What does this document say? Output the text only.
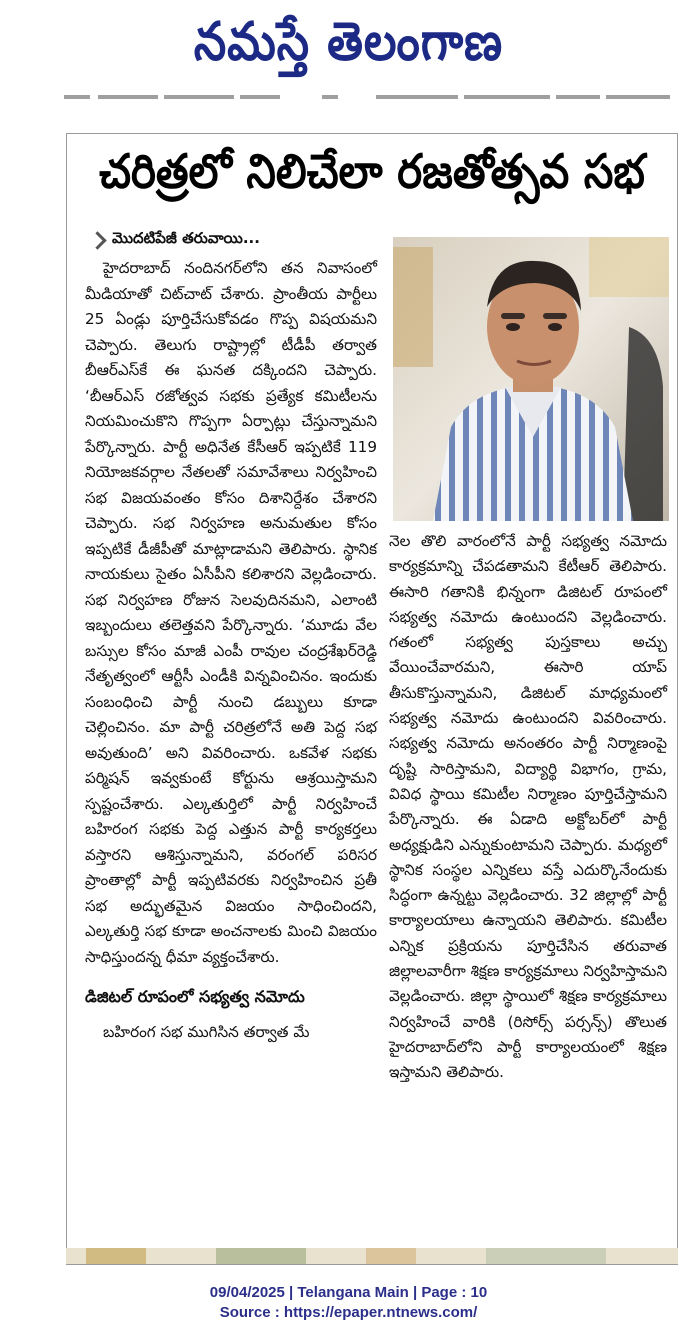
నమస్తే తెలంగాణ
చరిత్రలో నిలిచేలా రజతోత్సవ సభ
మొదటిపేజీ తరువాయి...

హైదరాబాద్ నందినగర్‌లోని తన నివాసంలో మీడియాతో చిట్‌చాట్ చేశారు. ప్రాంతీయ పార్టీలు 25 ఏండ్లు పూర్తిచేసుకోవడం గొప్ప విషయమని చెప్పారు. తెలుగు రాష్ట్రాల్లో టీడీపీ తర్వాత బీఆర్‌ఎస్‌కే ఈ ఘనత దక్కిందని చెప్పారు. ‘బీఆర్‌ఎస్ రజోత్వవ సభకు ప్రత్యేక కమిటీలను నియమించుకొని గొప్పగా ఏర్పాట్లు చేస్తున్నామని పేర్కొన్నారు. పార్టీ అధినేత కేసీఆర్ ఇప్పటికే 119 నియోజకవర్గాల నేతలతో సమావేశాలు నిర్వహించి సభ విజయవంతం కోసం దిశానిర్దేశం చేశారని చెప్పారు. సభ నిర్వహణ అనుమతుల కోసం ఇప్పటికే డీజీపీతో మాట్లాడామని తెలిపారు. స్థానిక నాయకులు సైతం ఏసీపీని కలిశారని వెల్లడించారు. సభ నిర్వహణ రోజున సెలవుదినమని, ఎలాంటి ఇబ్బందులు తలెత్తవని పేర్కొన్నారు. ‘మూడు వేల బస్సుల కోసం మాజీ ఎంపీ రావుల చంద్రశేఖర్‌రెడ్డి నేతృత్వంలో ఆర్టీసీ ఎండీకి విన్నవించినం. ఇందుకు సంబంధించి పార్టీ నుంచి డబ్బులు కూడా చెల్లించినం. మా పార్టీ చరిత్రలోనే అతి పెద్ద సభ అవుతుంది’ అని వివరించారు. ఒకవేళ సభకు పర్మిషన్ ఇవ్వకుంటే కోర్టును ఆశ్రయిస్తామని స్పష్టంచేశారు. ఎల్కతుర్తిలో పార్టీ నిర్వహించే బహిరంగ సభకు పెద్ద ఎత్తున పార్టీ కార్యకర్తలు వస్తారని ఆశిస్తున్నామని, వరంగల్ పరిసర ప్రాంతాల్లో పార్టీ ఇప్పటివరకు నిర్వహించిన ప్రతీ సభ అద్భుతమైన విజయం సాధించిందని, ఎల్కతుర్తి సభ కూడా అంచనాలకు మించి విజయం సాధిస్తుందన్న ధీమా వ్యక్తంచేశారు.

డిజిటల్ రూపంలో సభ్యత్వ నమోదు

బహిరంగ సభ ముగిసిన తర్వాత మే

నెల తొలి వారంలోనే పార్టీ సభ్యత్వ నమోదు కార్యక్రమాన్ని చేపడతామని కేటీఆర్ తెలిపారు. ఈసారి గతానికి భిన్నంగా డిజిటల్ రూపంలో సభ్యత్వ నమోదు ఉంటుందని వెల్లడించారు. గతంలో సభ్యత్వ పుస్తకాలు అచ్చు వేయించేవారమని, ఈసారి యాప్ తీసుకొస్తున్నామని, డిజిటల్ మాధ్యమంలో సభ్యత్వ నమోదు ఉంటుందని వివరించారు. సభ్యత్వ నమోదు అనంతరం పార్టీ నిర్మాణంపై దృష్టి సారిస్తామని, విద్యార్థి విభాగం, గ్రామ, వివిధ స్థాయి కమిటీల నిర్మాణం పూర్తిచేస్తామని పేర్కొన్నారు. ఈ ఏడాది అక్టోబర్‌లో పార్టీ అధ్యక్షుడిని ఎన్నుకుంటామని చెప్పారు. మధ్యలో స్థానిక సంస్థల ఎన్నికలు వస్తే ఎదుర్కొనేందుకు సిద్ధంగా ఉన్నట్టు వెల్లడించారు. 32 జిల్లాల్లో పార్టీ కార్యాలయాలు ఉన్నాయని తెలిపారు. కమిటీల ఎన్నిక ప్రక్రియను పూర్తిచేసిన తరువాత జిల్లాలవారీగా శిక్షణ కార్యక్రమాలు నిర్వహిస్తామని వెల్లడించారు. జిల్లా స్థాయిలో శిక్షణ కార్యక్రమాలు నిర్వహించే వారికి (రిసోర్స్ పర్సన్స్) తొలుత హైదరాబాద్‌లోని పార్టీ కార్యాలయంలో శిక్షణ ఇస్తామని తెలిపారు.

09/04/2025 | Telangana Main | Page : 10
Source : https://epaper.ntnews.com/
